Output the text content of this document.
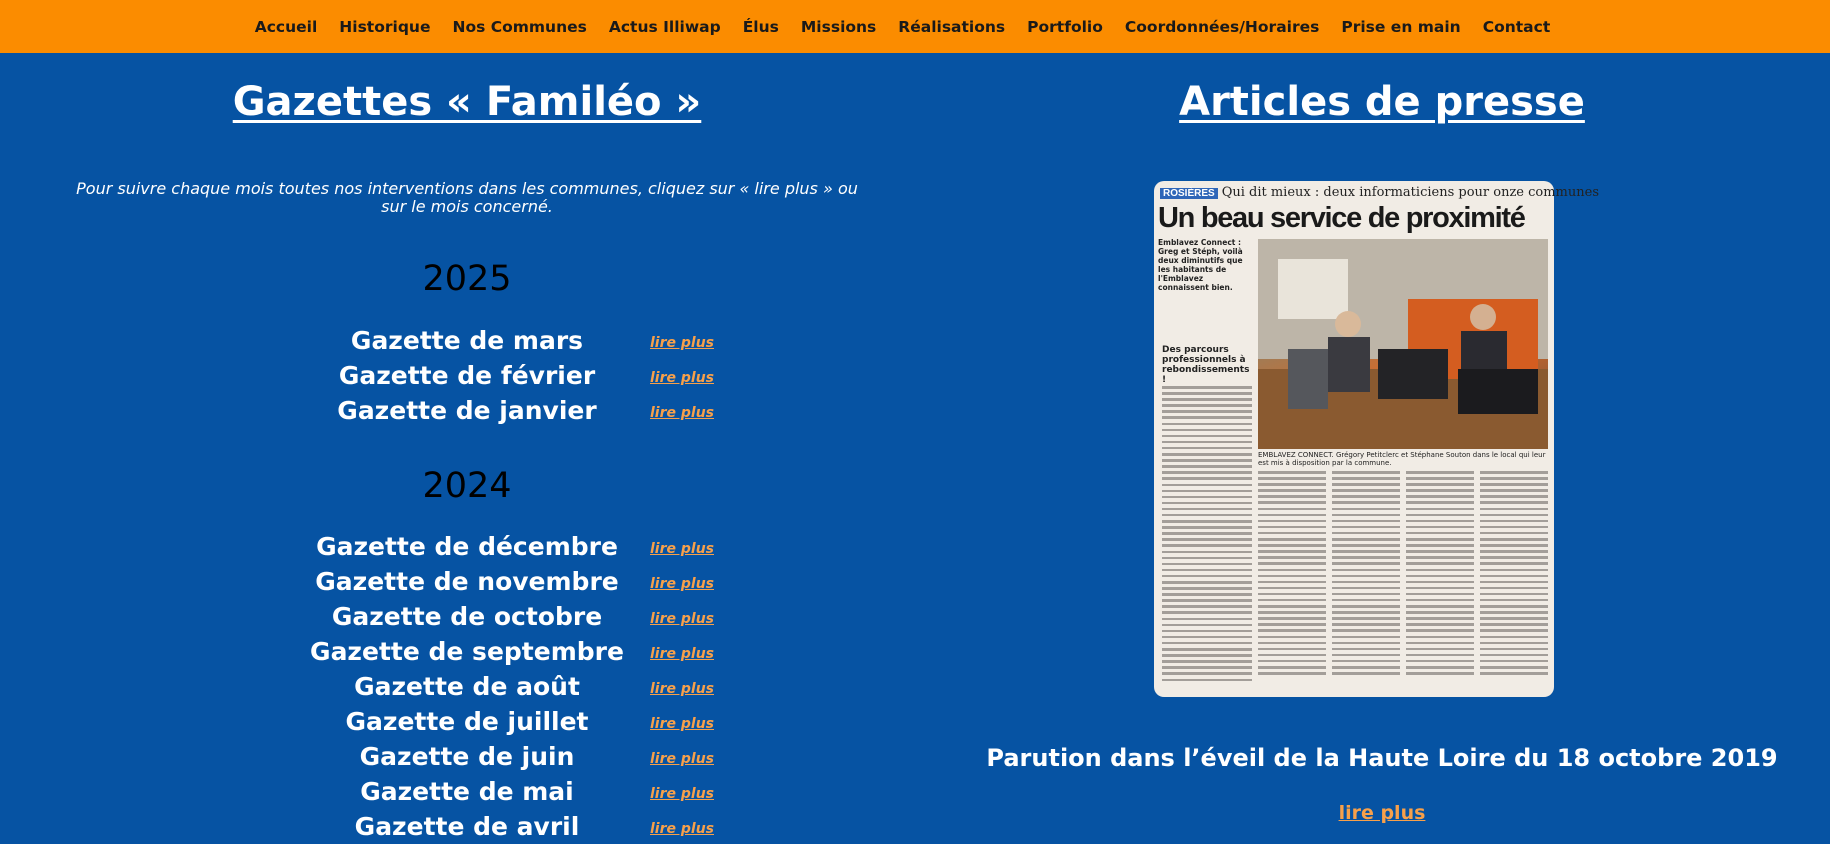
Accueil Historique Nos Communes Actus Illiwap Élus Missions Réalisations Portfolio Coordonnées/Horaires Prise en main Contact
Gazettes « Familéo »
Pour suivre chaque mois toutes nos interventions dans les communes, cliquez sur « lire plus » ou sur le mois concerné.
2025
Gazette de mars	lire plus
Gazette de février	lire plus
Gazette de janvier	lire plus
2024
Gazette de décembre	lire plus
Gazette de novembre	lire plus
Gazette de octobre	lire plus
Gazette de septembre	lire plus
Gazette de août	lire plus
Gazette de juillet	lire plus
Gazette de juin	lire plus
Gazette de mai	lire plus
Gazette de avril	lire plus
Articles de presse
ROSIÈRES Qui dit mieux : deux informaticiens pour onze communes
Un beau service de proximité
Emblavez Connect : Greg et Stéph, voilà deux diminutifs que les habitants de l'Emblavez connaissent bien.
EMBLAVEZ CONNECT. Grégory Petitclerc et Stéphane Souton dans le local qui leur est mis à disposition par la commune.
Des parcours professionnels à rebondissements !
Parution dans l’éveil de la Haute Loire du 18 octobre 2019
lire plus
